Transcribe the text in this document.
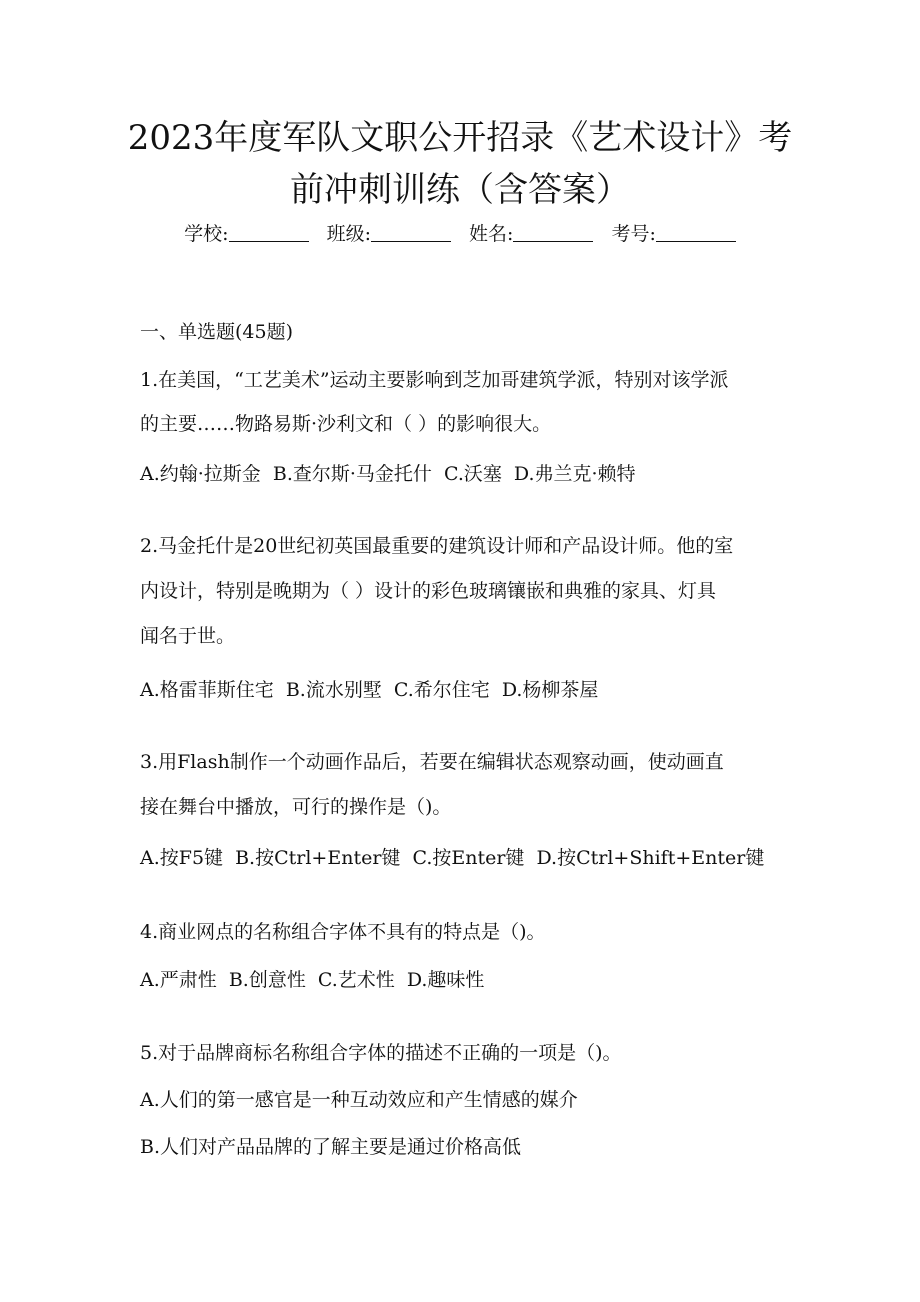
2023年度军队文职公开招录《艺术设计》考
前冲刺训练（含答案）
学校:	班级:	姓名:	考号:
一、单选题(45题)

1.在美国，“工艺美术”运动主要影响到芝加哥建筑学派，特别对该学派

的主要……物路易斯·沙利文和（ ）的影响很大。

A.约翰·拉斯金 B.查尔斯·马金托什 C.沃塞 D.弗兰克·赖特

2.马金托什是20世纪初英国最重要的建筑设计师和产品设计师。他的室

内设计，特别是晚期为（ ）设计的彩色玻璃镶嵌和典雅的家具、灯具

闻名于世。

A.格雷菲斯住宅 B.流水别墅 C.希尔住宅 D.杨柳茶屋

3.用Flash制作一个动画作品后，若要在编辑状态观察动画，使动画直

接在舞台中播放，可行的操作是（)。

A.按F5键 B.按Ctrl+Enter键 C.按Enter键 D.按Ctrl+Shift+Enter键

4.商业网点的名称组合字体不具有的特点是（)。

A.严肃性 B.创意性 C.艺术性 D.趣味性

5.对于品牌商标名称组合字体的描述不正确的一项是（)。

A.人们的第一感官是一种互动效应和产生情感的媒介

B.人们对产品品牌的了解主要是通过价格高低
